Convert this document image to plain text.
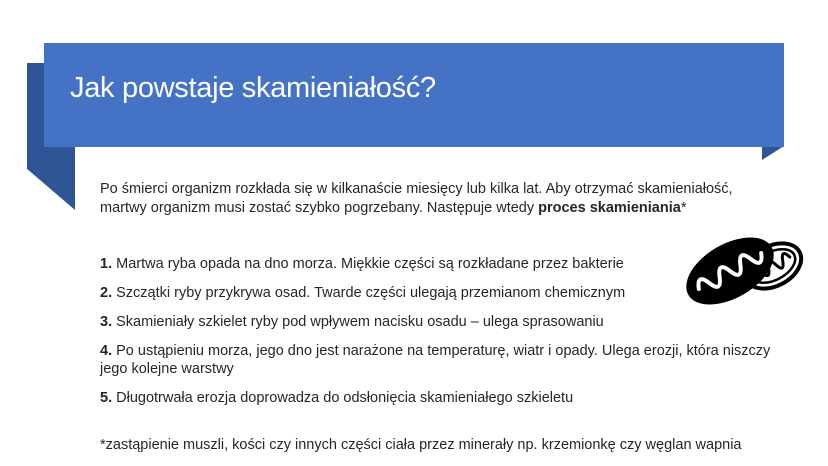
Jak powstaje skamieniałość?
Po śmierci organizm rozkłada się w kilkanaście miesięcy lub kilka lat. Aby otrzymać skamieniałość, martwy organizm musi zostać szybko pogrzebany. Następuje wtedy proces skamieniania*
1. Martwa ryba opada na dno morza. Miękkie części są rozkładane przez bakterie
2. Szczątki ryby przykrywa osad. Twarde części ulegają przemianom chemicznym
3. Skamieniały szkielet ryby pod wpływem nacisku osadu – ulega sprasowaniu
4. Po ustąpieniu morza, jego dno jest narażone na temperaturę, wiatr i opady. Ulega erozji, która niszczy jego kolejne warstwy
5. Długotrwała erozja doprowadza do odsłonięcia skamieniałego szkieletu
*zastąpienie muszli, kości czy innych części ciała przez minerały np. krzemionkę czy węglan wapnia
